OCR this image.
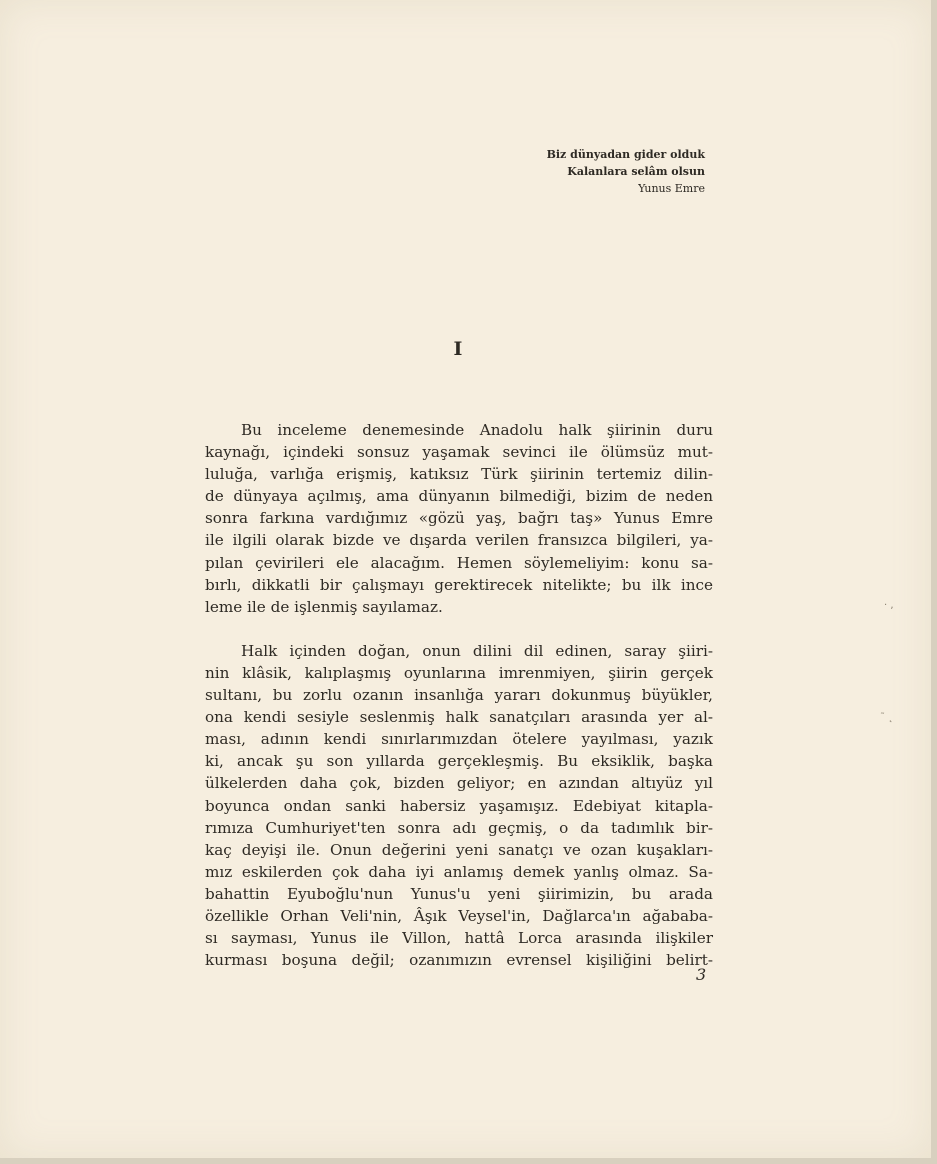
Biz dünyadan gider olduk
Kalanlara selâm olsun
Yunus Emre
I

Bu inceleme denemesinde Anadolu halk şiirinin duru
kaynağı, içindeki sonsuz yaşamak sevinci ile ölümsüz mut-
luluğa, varlığa erişmiş, katıksız Türk şiirinin tertemiz dilin-
de dünyaya açılmış, ama dünyanın bilmediği, bizim de neden
sonra farkına vardığımız «gözü yaş, bağrı taş» Yunus Emre
ile ilgili olarak bizde ve dışarda verilen fransızca bilgileri, ya-
pılan çevirileri ele alacağım. Hemen söylemeliyim: konu sa-
bırlı, dikkatli bir çalışmayı gerektirecek nitelikte; bu ilk ince
leme ile de işlenmiş sayılamaz.

Halk içinden doğan, onun dilini dil edinen, saray şiiri-
nin klâsik, kalıplaşmış oyunlarına imrenmiyen, şiirin gerçek
sultanı, bu zorlu ozanın insanlığa yararı dokunmuş büyükler,
ona kendi sesiyle seslenmiş halk sanatçıları arasında yer al-
ması, adının kendi sınırlarımızdan ötelere yayılması, yazık
ki, ancak şu son yıllarda gerçekleşmiş. Bu eksiklik, başka
ülkelerden daha çok, bizden geliyor; en azından altıyüz yıl
boyunca ondan sanki habersiz yaşamışız. Edebiyat kitapla-
rımıza Cumhuriyet'ten sonra adı geçmiş, o da tadımlık bir-
kaç deyişi ile. Onun değerini yeni sanatçı ve ozan kuşakları-
mız eskilerden çok daha iyi anlamış demek yanlış olmaz. Sa-
bahattin Eyuboğlu'nun Yunus'u yeni şiirimizin, bu arada
özellikle Orhan Veli'nin, Âşık Veysel'in, Dağlarca'ın ağababa-
sı sayması, Yunus ile Villon, hattâ Lorca arasında ilişkiler
kurması boşuna değil; ozanımızın evrensel kişiliğini belirt-

3
· ,
˜ ˛
